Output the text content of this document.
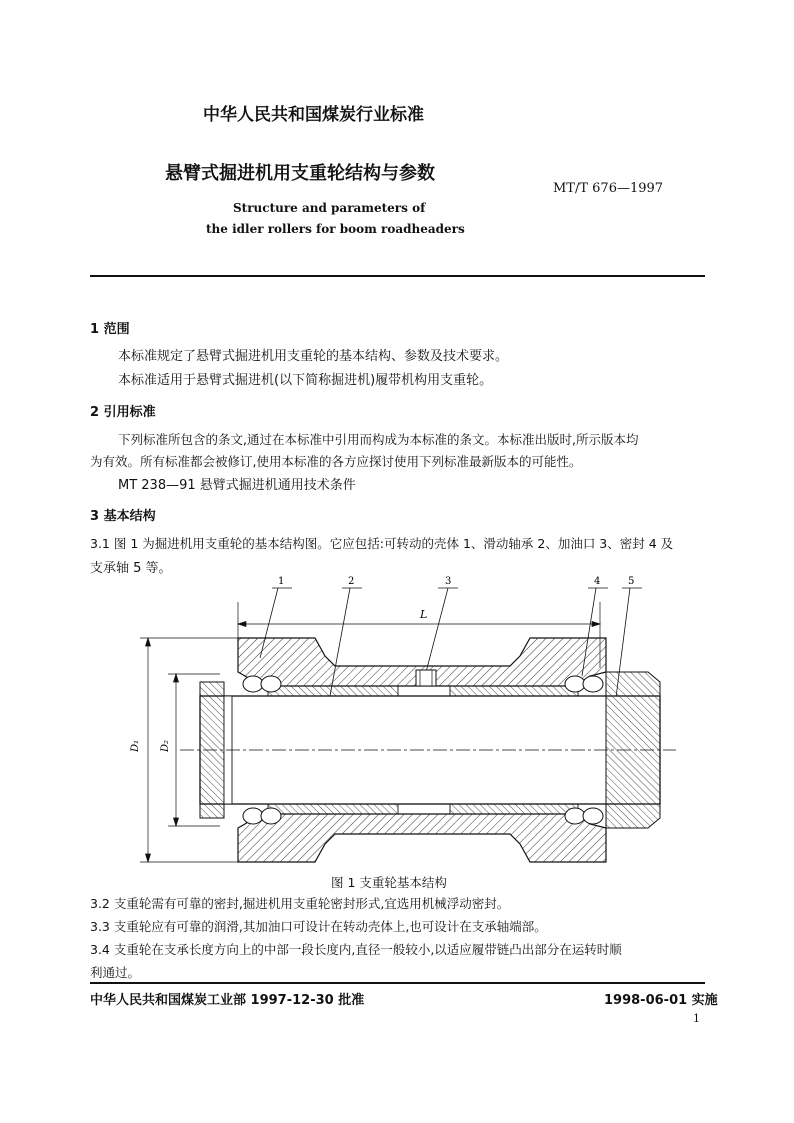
中华人民共和国煤炭行业标准
悬臂式掘进机用支重轮结构与参数
MT/T 676—1997
Structure and parameters of
the idler rollers for boom roadheaders
1 范围
本标准规定了悬臂式掘进机用支重轮的基本结构、参数及技术要求。
本标准适用于悬臂式掘进机(以下简称掘进机)履带机构用支重轮。
2 引用标准
下列标准所包含的条文,通过在本标准中引用而构成为本标准的条文。本标准出版时,所示版本均
为有效。所有标准都会被修订,使用本标准的各方应探讨使用下列标准最新版本的可能性。
MT 238—91 悬臂式掘进机通用技术条件
3 基本结构
3.1 图 1 为掘进机用支重轮的基本结构图。它应包括:可转动的壳体 1、滑动轴承 2、加油口 3、密封 4 及
支承轴 5 等。
1	2	3	4	5
L
D₁ D₂
图 1 支重轮基本结构
3.2 支重轮需有可靠的密封,掘进机用支重轮密封形式,宜选用机械浮动密封。
3.3 支重轮应有可靠的润滑,其加油口可设计在转动壳体上,也可设计在支承轴端部。
3.4 支重轮在支承长度方向上的中部一段长度内,直径一般较小,以适应履带链凸出部分在运转时顺
利通过。
中华人民共和国煤炭工业部 1997-12-30 批准	1998-06-01 实施
1
